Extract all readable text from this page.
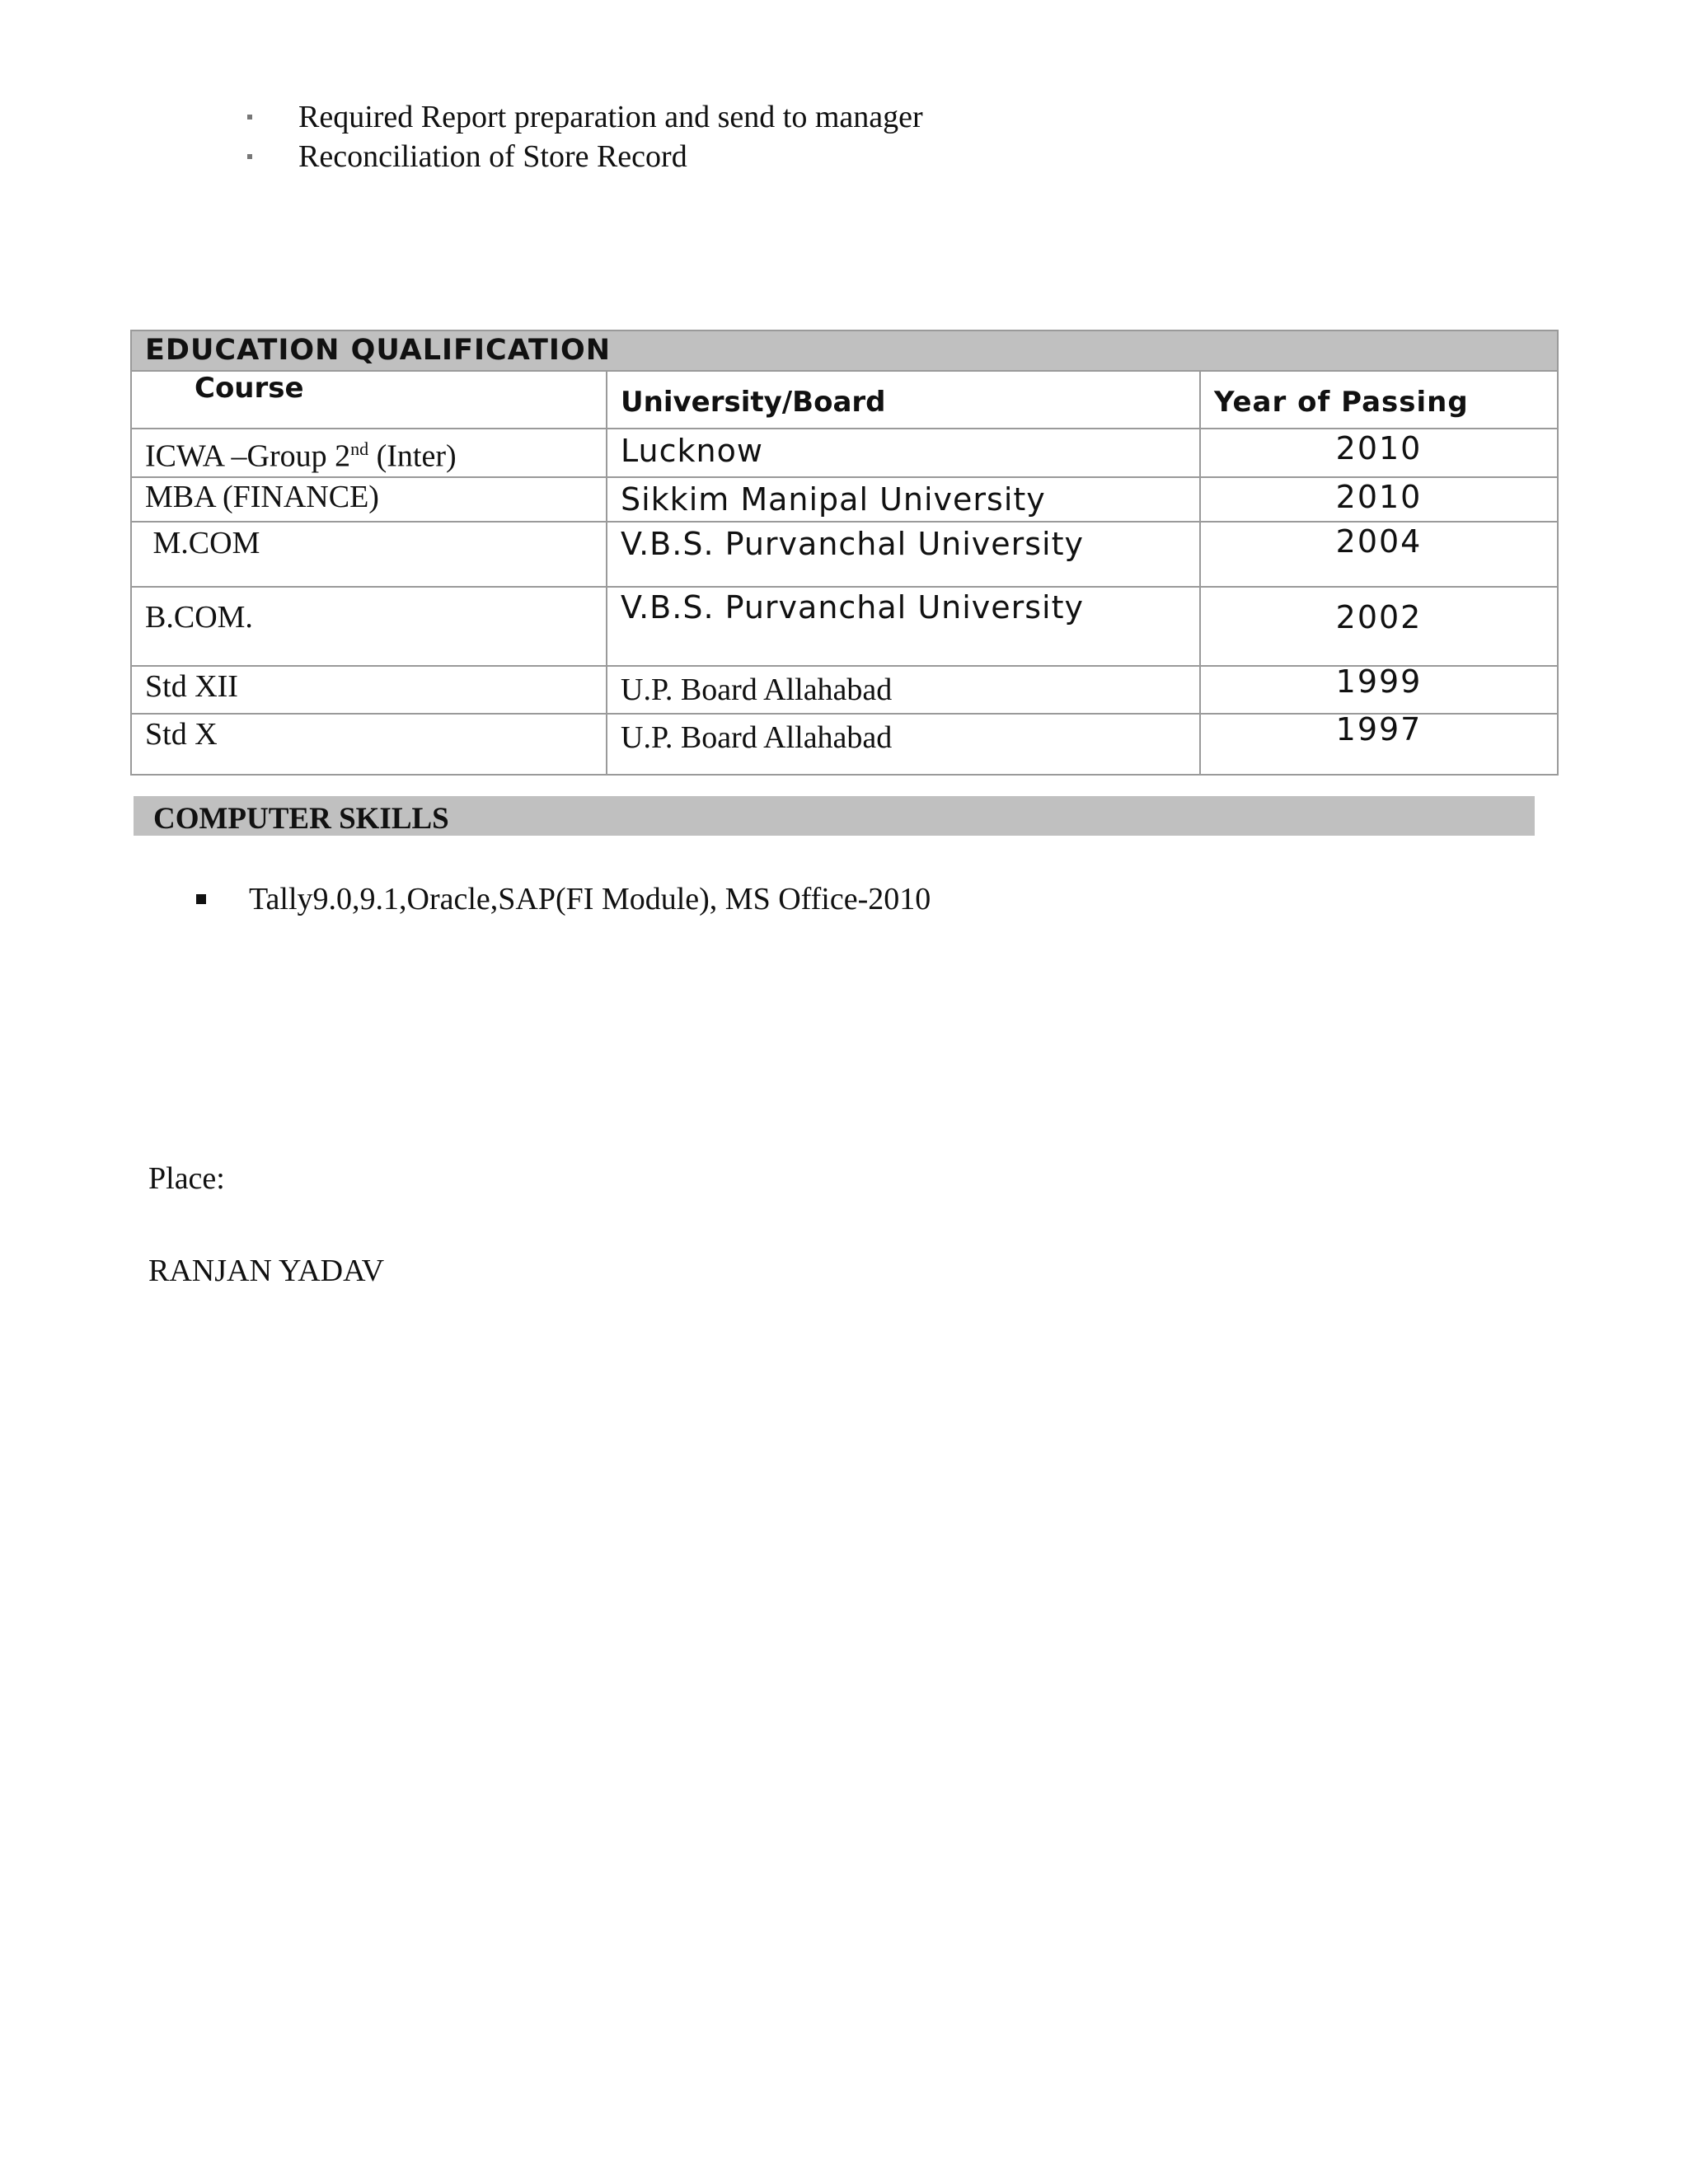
Required Report preparation and send to manager
Reconciliation of Store Record
EDUCATION QUALIFICATION		
Course	University/Board	Year of Passing
ICWA –Group 2nd (Inter)	Lucknow	2010
MBA (FINANCE)	Sikkim Manipal University	2010
M.COM	V.B.S. Purvanchal University	2004
B.COM.	V.B.S. Purvanchal University	2002
Std XII	U.P. Board Allahabad	1999
Std X	U.P. Board Allahabad	1997
COMPUTER SKILLS
Tally9.0,9.1,Oracle,SAP(FI Module), MS Office-2010
Place:
RANJAN YADAV
